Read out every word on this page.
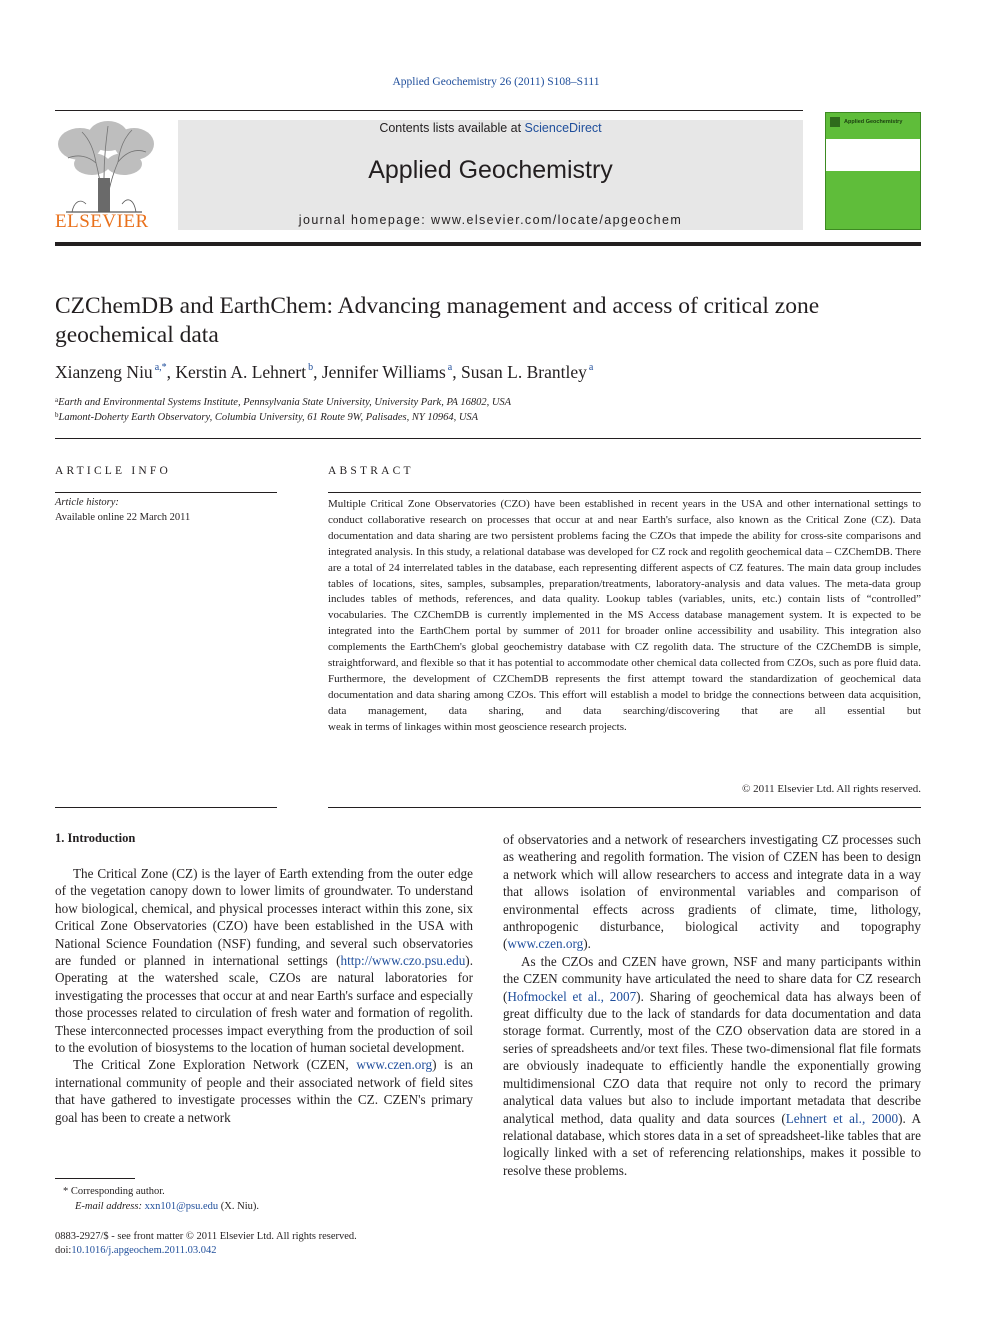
Applied Geochemistry 26 (2011) S108–S111
ELSEVIER
Contents lists available at ScienceDirect
Applied Geochemistry
journal homepage: www.elsevier.com/locate/apgeochem
Applied Geochemistry
CZChemDB and EarthChem: Advancing management and access of critical zone geochemical data
Xianzeng Niu $^{a,*}$, Kerstin A. Lehnert $^b$, Jennifer Williams $^a$, Susan L. Brantley $^a$
$^a$Earth and Environmental Systems Institute, Pennsylvania State University, University Park, PA 16802, USA
$^b$Lamont-Doherty Earth Observatory, Columbia University, 61 Route 9W, Palisades, NY 10964, USA
ARTICLE INFO	ABSTRACT
Article history:
Available online 22 March 2011
Multiple Critical Zone Observatories (CZO) have been established in recent years in the USA and other international settings to conduct collaborative research on processes that occur at and near Earth's surface, also known as the Critical Zone (CZ). Data documentation and data sharing are two persistent problems facing the CZOs that impede the ability for cross-site comparisons and integrated analysis. In this study, a relational database was developed for CZ rock and regolith geochemical data – CZChemDB. There are a total of 24 interrelated tables in the database, each representing different aspects of CZ features. The main data group includes tables of locations, sites, samples, subsamples, preparation/treatments, laboratory-analysis and data values. The meta-data group includes tables of methods, references, and data quality. Lookup tables (variables, units, etc.) contain lists of “controlled” vocabularies. The CZChemDB is currently implemented in the MS Access database management system. It is expected to be integrated into the EarthChem portal by summer of 2011 for broader online accessibility and usability. This integration also complements the EarthChem's global geochemistry database with CZ regolith data. The structure of the CZChemDB is simple, straightforward, and flexible so that it has potential to accommodate other chemical data collected from CZOs, such as pore fluid data. Furthermore, the development of CZChemDB represents the first attempt toward the standardization of geochemical data documentation and data sharing among CZOs. This effort will establish a model to bridge the connections between data acquisition, data management, data sharing, and data searching/discovering that are all essential but
weak in terms of linkages within most geoscience research projects.
© 2011 Elsevier Ltd. All rights reserved.
1. Introduction

The Critical Zone (CZ) is the layer of Earth extending from the outer edge of the vegetation canopy down to lower limits of groundwater. To understand how biological, chemical, and physical processes interact within this zone, six Critical Zone Observatories (CZO) have been established in the USA with National Science Foundation (NSF) funding, and several such observatories are funded or planned in international settings (http://www.czo.psu.edu). Operating at the watershed scale, CZOs are natural laboratories for investigating the processes that occur at and near Earth's surface and especially those processes related to circulation of fresh water and formation of regolith. These interconnected processes impact everything from the production of soil to the evolution of biosystems to the location of human societal development.

The Critical Zone Exploration Network (CZEN, www.czen.org) is an international community of people and their associated network of field sites that have gathered to investigate processes within the CZ. CZEN's primary goal has been to create a network

of observatories and a network of researchers investigating CZ processes such as weathering and regolith formation. The vision of CZEN has been to design a network which will allow researchers to access and integrate data in a way that allows isolation of environmental variables and comparison of environmental effects across gradients of climate, time, lithology, anthropogenic disturbance, biological activity and topography (www.czen.org).

As the CZOs and CZEN have grown, NSF and many participants within the CZEN community have articulated the need to share data for CZ research (Hofmockel et al., 2007). Sharing of geochemical data has always been of great difficulty due to the lack of standards for data documentation and data storage format. Currently, most of the CZO observation data are stored in a series of spreadsheets and/or text files. These two-dimensional flat file formats are obviously inadequate to efficiently handle the exponentially growing multidimensional CZO data that require not only to record the primary analytical data values but also to include important metadata that describe analytical method, data quality and data sources (Lehnert et al., 2000). A relational database, which stores data in a set of spreadsheet-like tables that are logically linked with a set of referencing relationships, makes it possible to resolve these problems.

* Corresponding author.
E-mail address: xxn101@psu.edu (X. Niu).
0883-2927/$ - see front matter © 2011 Elsevier Ltd. All rights reserved.
doi:10.1016/j.apgeochem.2011.03.042
